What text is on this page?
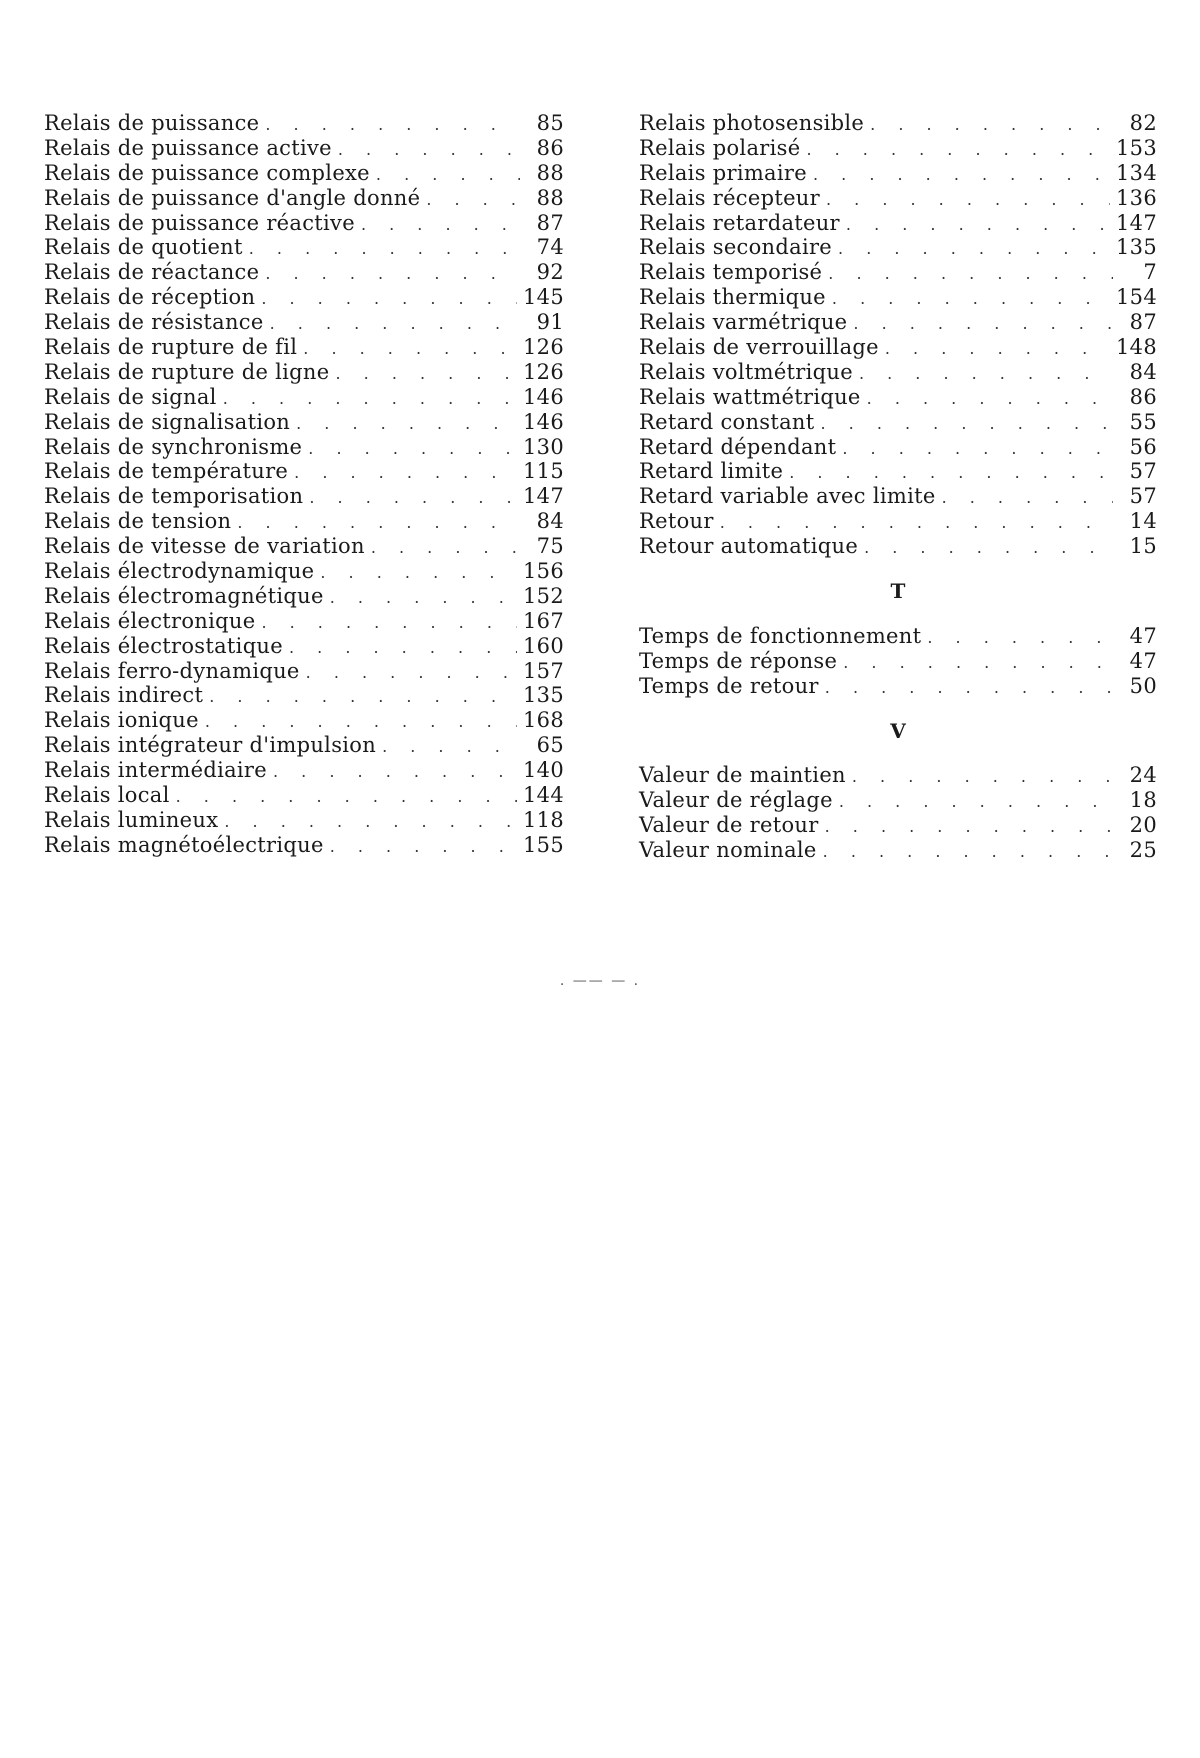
Relais de puissance
. . .	85
Relais de puissance active
. . .	86
Relais de puissance complexe
. . .	88
Relais de puissance d'angle donné
. . .	88
Relais de puissance réactive
. . .	87
Relais de quotient
. . .	74
Relais de réactance
. . .	92
Relais de réception
. . .	145
Relais de résistance
. . .	91
Relais de rupture de fil
. . .	126
Relais de rupture de ligne
. . .	126
Relais de signal
. . .	146
Relais de signalisation
. . .	146
Relais de synchronisme
. . .	130
Relais de température
. . .	115
Relais de temporisation
. . .	147
Relais de tension
. . .	84
Relais de vitesse de variation
. . .	75
Relais électrodynamique
. . .	156
Relais électromagnétique
. . .	152
Relais électronique
. . .	167
Relais électrostatique
. . .	160
Relais ferro-dynamique
. . .	157
Relais indirect
. . .	135
Relais ionique
. . .	168
Relais intégrateur d'impulsion
. . .	65
Relais intermédiaire
. . .	140
Relais local
. . .	144
Relais lumineux
. . .	118
Relais magnétoélectrique
. . .	155
Relais photosensible
. . .	82
Relais polarisé
. . .	153
Relais primaire
. . .	134
Relais récepteur
. . .	136
Relais retardateur
. . .	147
Relais secondaire
. . .	135
Relais temporisé
. . .	7
Relais thermique
. . .	154
Relais varmétrique
. . .	87
Relais de verrouillage
. . .	148
Relais voltmétrique
. . .	84
Relais wattmétrique
. . .	86
Retard constant
. . .	55
Retard dépendant
. . .	56
Retard limite
. . .	57
Retard variable avec limite
. . .	57
Retour
. . .	14
Retour automatique
. . .	15
T
Temps de fonctionnement
. . .	47
Temps de réponse
. . .	47
Temps de retour
. . .	50
V
Valeur de maintien
. . .	24
Valeur de réglage
. . .	18
Valeur de retour
. . .	20
Valeur nominale
. . .	25
. —— — .
